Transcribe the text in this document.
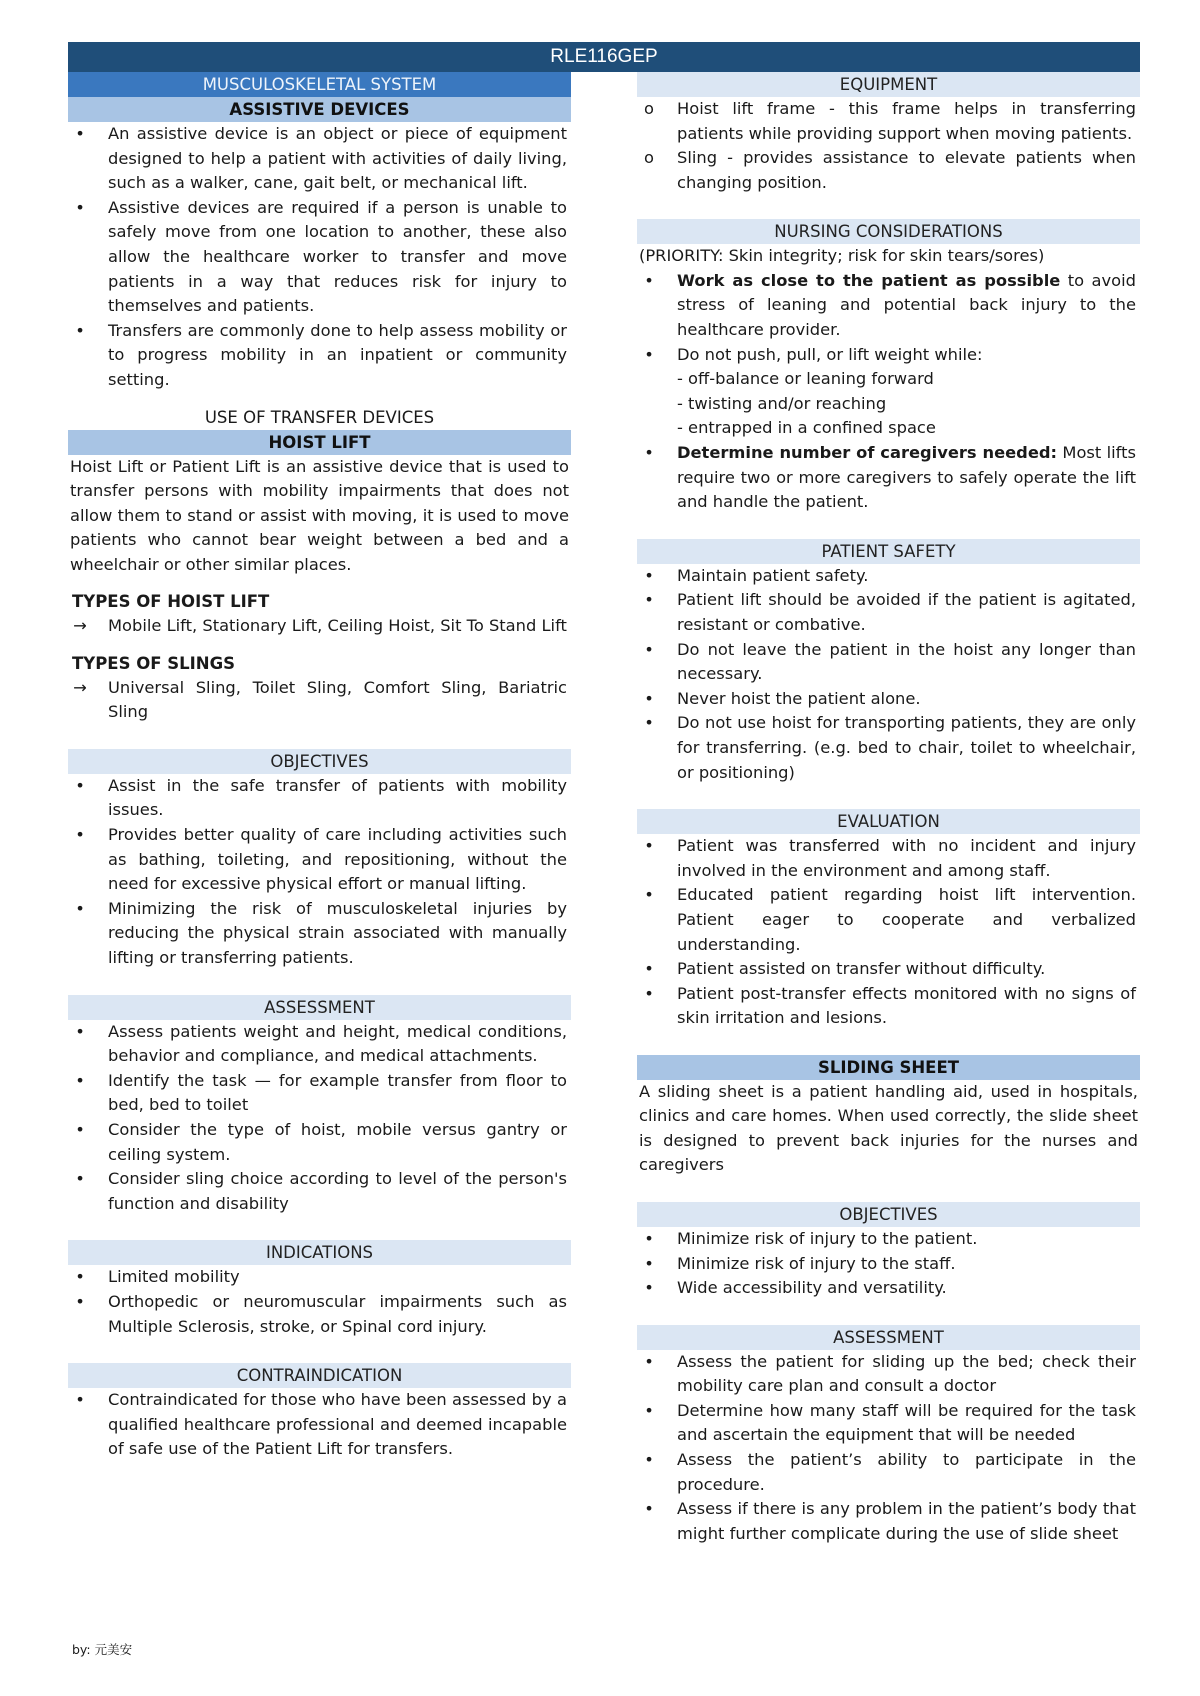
RLE116GEP
MUSCULOSKELETAL SYSTEM
ASSISTIVE DEVICES
• An assistive device is an object or piece of equipment designed to help a patient with activities of daily living, such as a walker, cane, gait belt, or mechanical lift.
• Assistive devices are required if a person is unable to safely move from one location to another, these also allow the healthcare worker to transfer and move patients in a way that reduces risk for injury to themselves and patients.
• Transfers are commonly done to help assess mobility or to progress mobility in an inpatient or community setting.
USE OF TRANSFER DEVICES
HOIST LIFT

Hoist Lift or Patient Lift is an assistive device that is used to transfer persons with mobility impairments that does not allow them to stand or assist with moving, it is used to move patients who cannot bear weight between a bed and a wheelchair or other similar places.

TYPES OF HOIST LIFT
→ Mobile Lift, Stationary Lift, Ceiling Hoist, Sit To Stand Lift
TYPES OF SLINGS
→ Universal Sling, Toilet Sling, Comfort Sling, Bariatric Sling
OBJECTIVES
• Assist in the safe transfer of patients with mobility issues.
• Provides better quality of care including activities such as bathing, toileting, and repositioning, without the need for excessive physical effort or manual lifting.
• Minimizing the risk of musculoskeletal injuries by reducing the physical strain associated with manually lifting or transferring patients.
ASSESSMENT
• Assess patients weight and height, medical conditions, behavior and compliance, and medical attachments.
• Identify the task — for example transfer from floor to bed, bed to toilet
• Consider the type of hoist, mobile versus gantry or ceiling system.
• Consider sling choice according to level of the person's function and disability
INDICATIONS
• Limited mobility
• Orthopedic or neuromuscular impairments such as Multiple Sclerosis, stroke, or Spinal cord injury.
CONTRAINDICATION
• Contraindicated for those who have been assessed by a qualified healthcare professional and deemed incapable of safe use of the Patient Lift for transfers.
EQUIPMENT
o Hoist lift frame - this frame helps in transferring patients while providing support when moving patients.
o Sling - provides assistance to elevate patients when changing position.
NURSING CONSIDERATIONS

(PRIORITY: Skin integrity; risk for skin tears/sores)

• Work as close to the patient as possible to avoid stress of leaning and potential back injury to the healthcare provider.
• Do not push, pull, or lift weight while:
- off-balance or leaning forward
- twisting and/or reaching
- entrapped in a confined space
• Determine number of caregivers needed: Most lifts require two or more caregivers to safely operate the lift and handle the patient.
PATIENT SAFETY
• Maintain patient safety.
• Patient lift should be avoided if the patient is agitated, resistant or combative.
• Do not leave the patient in the hoist any longer than necessary.
• Never hoist the patient alone.
• Do not use hoist for transporting patients, they are only for transferring. (e.g. bed to chair, toilet to wheelchair, or positioning)
EVALUATION
• Patient was transferred with no incident and injury involved in the environment and among staff.
• Educated patient regarding hoist lift intervention. Patient eager to cooperate and verbalized understanding.
• Patient assisted on transfer without difficulty.
• Patient post-transfer effects monitored with no signs of skin irritation and lesions.
SLIDING SHEET

A sliding sheet is a patient handling aid, used in hospitals, clinics and care homes. When used correctly, the slide sheet is designed to prevent back injuries for the nurses and caregivers

OBJECTIVES
• Minimize risk of injury to the patient.
• Minimize risk of injury to the staff.
• Wide accessibility and versatility.
ASSESSMENT
• Assess the patient for sliding up the bed; check their mobility care plan and consult a doctor
• Determine how many staff will be required for the task and ascertain the equipment that will be needed
• Assess the patient’s ability to participate in the procedure.
• Assess if there is any problem in the patient’s body that might further complicate during the use of slide sheet
by: 元美安
